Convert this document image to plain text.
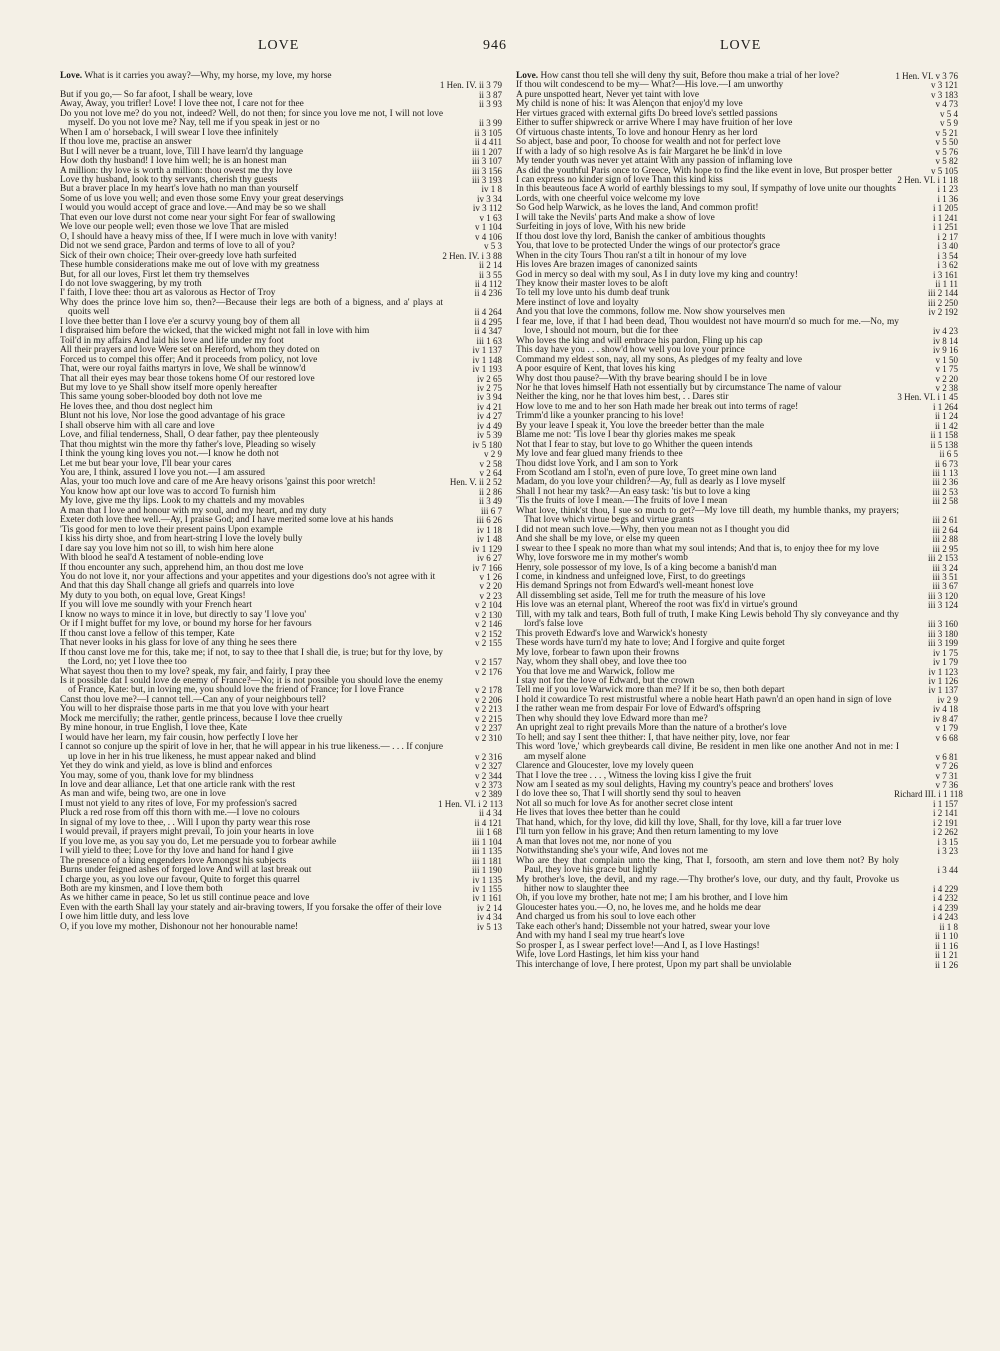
LOVE	946	LOVE
Love. What is it carries you away?—Why, my horse, my love, my horse
1 Hen. IV. ii 3 79
But if you go,— So far afoot, I shall be weary, love	ii 3 87
Away, Away, you trifler! Love! I love thee not, I care not for thee	ii 3 93
Do you not love me? do you not, indeed? Well, do not then; for since you love me not, I will not love myself. Do you not love me? Nay, tell me if you speak in jest or no	ii 3 99
When I am o' horseback, I will swear I love thee infinitely	ii 3 105
If thou love me, practise an answer	ii 4 411
But I will never be a truant, love, Till I have learn'd thy language	iii 1 207
How doth thy husband! I love him well; he is an honest man	iii 3 107
A million: thy love is worth a million: thou owest me thy love	iii 3 156
Love thy husband, look to thy servants, cherish thy guests	iii 3 193
But a braver place In my heart's love hath no man than yourself	iv 1 8
Some of us love you well; and even those some Envy your great deservings	iv 3 34
I would you would accept of grace and love.—And may be so we shall	iv 3 112
That even our love durst not come near your sight For fear of swallowing	v 1 63
We love our people well; even those we love That are misled	v 1 104
O, I should have a heavy miss of thee, If I were much in love with vanity!	v 4 106
Did not we send grace, Pardon and terms of love to all of you?	v 5 3
Sick of their own choice; Their over-greedy love hath surfeited	2 Hen. IV. i 3 88
These humble considerations make me out of love with my greatness	ii 2 14
But, for all our loves, First let them try themselves	ii 3 55
I do not love swaggering, by my troth	ii 4 112
I' faith, I love thee: thou art as valorous as Hector of Troy	ii 4 236
Why does the prince love him so, then?—Because their legs are both of a bigness, and a' plays at quoits well	ii 4 264
I love thee better than I love e'er a scurvy young boy of them all	ii 4 295
I dispraised him before the wicked, that the wicked might not fall in love with him	ii 4 347
Toil'd in my affairs And laid his love and life under my foot	iii 1 63
All their prayers and love Were set on Hereford, whom they doted on	iv 1 137
Forced us to compel this offer; And it proceeds from policy, not love	iv 1 148
That, were our royal faiths martyrs in love, We shall be winnow'd	iv 1 193
That all their eyes may bear those tokens home Of our restored love	iv 2 65
But my love to ye Shall show itself more openly hereafter	iv 2 75
This same young sober-blooded boy doth not love me	iv 3 94
He loves thee, and thou dost neglect him	iv 4 21
Blunt not his love, Nor lose the good advantage of his grace	iv 4 27
I shall observe him with all care and love	iv 4 49
Love, and filial tenderness, Shall, O dear father, pay thee plenteously	iv 5 39
That thou mightst win the more thy father's love, Pleading so wisely	iv 5 180
I think the young king loves you not.—I know he doth not	v 2 9
Let me but bear your love, I'll bear your cares	v 2 58
You are, I think, assured I love you not.—I am assured	v 2 64
Alas, your too much love and care of me Are heavy orisons 'gainst this poor wretch!	Hen. V. ii 2 52
You know how apt our love was to accord To furnish him	ii 2 86
My love, give me thy lips. Look to my chattels and my movables	ii 3 49
A man that I love and honour with my soul, and my heart, and my duty	iii 6 7
Exeter doth love thee well.—Ay, I praise God; and I have merited some love at his hands	iii 6 26
'Tis good for men to love their present pains Upon example	iv 1 18
I kiss his dirty shoe, and from heart-string I love the lovely bully	iv 1 48
I dare say you love him not so ill, to wish him here alone	iv 1 129
With blood he seal'd A testament of noble-ending love	iv 6 27
If thou encounter any such, apprehend him, an thou dost me love	iv 7 166
You do not love it, nor your affections and your appetites and your digestions doo's not agree with it	v 1 26
And that this day Shall change all griefs and quarrels into love	v 2 20
My duty to you both, on equal love, Great Kings!	v 2 23
If you will love me soundly with your French heart	v 2 104
I know no ways to mince it in love, but directly to say 'I love you'	v 2 130
Or if I might buffet for my love, or bound my horse for her favours	v 2 146
If thou canst love a fellow of this temper, Kate	v 2 152
That never looks in his glass for love of any thing he sees there	v 2 155
If thou canst love me for this, take me; if not, to say to thee that I shall die, is true; but for thy love, by the Lord, no; yet I love thee too	v 2 157
What sayest thou then to my love? speak, my fair, and fairly, I pray thee	v 2 176
Is it possible dat I sould love de enemy of France?—No; it is not possible you should love the enemy of France, Kate: but, in loving me, you should love the friend of France; for I love France	v 2 178
Canst thou love me?—I cannot tell.—Can any of your neighbours tell?	v 2 206
You will to her dispraise those parts in me that you love with your heart	v 2 213
Mock me mercifully; the rather, gentle princess, because I love thee cruelly	v 2 215
By mine honour, in true English, I love thee, Kate	v 2 237
I would have her learn, my fair cousin, how perfectly I love her	v 2 310
I cannot so conjure up the spirit of love in her, that he will appear in his true likeness.— . . . If conjure up love in her in his true likeness, he must appear naked and blind	v 2 316
Yet they do wink and yield, as love is blind and enforces	v 2 327
You may, some of you, thank love for my blindness	v 2 344
In love and dear alliance, Let that one article rank with the rest	v 2 373
As man and wife, being two, are one in love	v 2 389
I must not yield to any rites of love, For my profession's sacred	1 Hen. VI. i 2 113
Pluck a red rose from off this thorn with me.—I love no colours	ii 4 34
In signal of my love to thee, . . Will I upon thy party wear this rose	ii 4 121
I would prevail, if prayers might prevail, To join your hearts in love	iii 1 68
If you love me, as you say you do, Let me persuade you to forbear awhile	iii 1 104
I will yield to thee; Love for thy love and hand for hand I give	iii 1 135
The presence of a king engenders love Amongst his subjects	iii 1 181
Burns under feigned ashes of forged love And will at last break out	iii 1 190
I charge you, as you love our favour, Quite to forget this quarrel	iv 1 135
Both are my kinsmen, and I love them both	iv 1 155
As we hither came in peace, So let us still continue peace and love	iv 1 161
Even with the earth Shall lay your stately and air-braving towers, If you forsake the offer of their love	iv 2 14
I owe him little duty, and less love	iv 4 34
O, if you love my mother, Dishonour not her honourable name!	iv 5 13
Love. How canst thou tell she will deny thy suit, Before thou make a trial of her love?	1 Hen. VI. v 3 76
If thou wilt condescend to be my— What?—His love.—I am unworthy	v 3 121
A pure unspotted heart, Never yet taint with love	v 3 183
My child is none of his: It was Alençon that enjoy'd my love	v 4 73
Her virtues graced with external gifts Do breed love's settled passions	v 5 4
Either to suffer shipwreck or arrive Where I may have fruition of her love	v 5 9
Of virtuous chaste intents, To love and honour Henry as her lord	v 5 21
So abject, base and poor, To choose for wealth and not for perfect love	v 5 50
If with a lady of so high resolve As is fair Margaret he be link'd in love	v 5 76
My tender youth was never yet attaint With any passion of inflaming love	v 5 82
As did the youthful Paris once to Greece, With hope to find the like event in love, But prosper better	v 5 105
I can express no kinder sign of love Than this kind kiss	2 Hen. VI. i 1 18
In this beauteous face A world of earthly blessings to my soul, If sympathy of love unite our thoughts	i 1 23
Lords, with one cheerful voice welcome my love	i 1 36
So God help Warwick, as he loves the land, And common profit!	i 1 205
I will take the Nevils' parts And make a show of love	i 1 241
Surfeiting in joys of love, With his new bride	i 1 251
If thou dost love thy lord, Banish the canker of ambitious thoughts	i 2 17
You, that love to be protected Under the wings of our protector's grace	i 3 40
When in the city Tours Thou ran'st a tilt in honour of my love	i 3 54
His loves Are brazen images of canonized saints	i 3 62
God in mercy so deal with my soul, As I in duty love my king and country!	i 3 161
They know their master loves to be aloft	ii 1 11
To tell my love unto his dumb deaf trunk	iii 2 144
Mere instinct of love and loyalty	iii 2 250
And you that love the commons, follow me. Now show yourselves men	iv 2 192
I fear me, love, if that I had been dead, Thou wouldest not have mourn'd so much for me.—No, my love, I should not mourn, but die for thee	iv 4 23
Who loves the king and will embrace his pardon, Fling up his cap	iv 8 14
This day have you . . . show'd how well you love your prince	iv 9 16
Command my eldest son, nay, all my sons, As pledges of my fealty and love	v 1 50
A poor esquire of Kent, that loves his king	v 1 75
Why dost thou pause?—With thy brave bearing should I be in love	v 2 20
Nor he that loves himself Hath not essentially but by circumstance The name of valour	v 2 38
Neither the king, nor he that loves him best, . . Dares stir	3 Hen. VI. i 1 45
How love to me and to her son Hath made her break out into terms of rage!	i 1 264
Trimm'd like a younker prancing to his love!	ii 1 24
By your leave I speak it, You love the breeder better than the male	ii 1 42
Blame me not: 'Tis love I bear thy glories makes me speak	ii 1 158
Not that I fear to stay, but love to go Whither the queen intends	ii 5 138
My love and fear glued many friends to thee	ii 6 5
Thou didst love York, and I am son to York	ii 6 73
From Scotland am I stol'n, even of pure love, To greet mine own land	iii 1 13
Madam, do you love your children?—Ay, full as dearly as I love myself	iii 2 36
Shall I not hear my task?—An easy task: 'tis but to love a king	iii 2 53
'Tis the fruits of love I mean.—The fruits of love I mean	iii 2 58
What love, think'st thou, I sue so much to get?—My love till death, my humble thanks, my prayers; That love which virtue begs and virtue grants	iii 2 61
I did not mean such love.—Why, then you mean not as I thought you did	iii 2 64
And she shall be my love, or else my queen	iii 2 88
I swear to thee I speak no more than what my soul intends; And that is, to enjoy thee for my love	iii 2 95
Why, love forswore me in my mother's womb	iii 2 153
Henry, sole possessor of my love, Is of a king become a banish'd man	iii 3 24
I come, in kindness and unfeigned love, First, to do greetings	iii 3 51
His demand Springs not from Edward's well-meant honest love	iii 3 67
All dissembling set aside, Tell me for truth the measure of his love	iii 3 120
His love was an eternal plant, Whereof the root was fix'd in virtue's ground	iii 3 124
Till, with my talk and tears, Both full of truth, I make King Lewis behold Thy sly conveyance and thy lord's false love	iii 3 160
This proveth Edward's love and Warwick's honesty	iii 3 180
These words have turn'd my hate to love; And I forgive and quite forget	iii 3 199
My love, forbear to fawn upon their frowns	iv 1 75
Nay, whom they shall obey, and love thee too	iv 1 79
You that love me and Warwick, follow me	iv 1 123
I stay not for the love of Edward, but the crown	iv 1 126
Tell me if you love Warwick more than me? If it be so, then both depart	iv 1 137
I hold it cowardice To rest mistrustful where a noble heart Hath pawn'd an open hand in sign of love	iv 2 9
I the rather wean me from despair For love of Edward's offspring	iv 4 18
Then why should they love Edward more than me?	iv 8 47
An upright zeal to right prevails More than the nature of a brother's love	v 1 79
To hell; and say I sent thee thither: I, that have neither pity, love, nor fear	v 6 68
This word 'love,' which greybeards call divine, Be resident in men like one another And not in me: I am myself alone	v 6 81
Clarence and Gloucester, love my lovely queen	v 7 26
That I love the tree . . . , Witness the loving kiss I give the fruit	v 7 31
Now am I seated as my soul delights, Having my country's peace and brothers' loves	v 7 36
I do love thee so, That I will shortly send thy soul to heaven	Richard III. i 1 118
Not all so much for love As for another secret close intent	i 1 157
He lives that loves thee better than he could	i 2 141
That hand, which, for thy love, did kill thy love, Shall, for thy love, kill a far truer love	i 2 191
I'll turn yon fellow in his grave; And then return lamenting to my love	i 2 262
A man that loves not me, nor none of you	i 3 15
Notwithstanding she's your wife, And loves not me	i 3 23
Who are they that complain unto the king, That I, forsooth, am stern and love them not? By holy Paul, they love his grace but lightly	i 3 44
My brother's love, the devil, and my rage.—Thy brother's love, our duty, and thy fault, Provoke us hither now to slaughter thee	i 4 229
Oh, if you love my brother, hate not me; I am his brother, and I love him	i 4 232
Gloucester hates you.—O, no, he loves me, and he holds me dear	i 4 239
And charged us from his soul to love each other	i 4 243
Take each other's hand; Dissemble not your hatred, swear your love	ii 1 8
And with my hand I seal my true heart's love	ii 1 10
So prosper I, as I swear perfect love!—And I, as I love Hastings!	ii 1 16
Wife, love Lord Hastings, let him kiss your hand	ii 1 21
This interchange of love, I here protest, Upon my part shall be unviolable	ii 1 26
